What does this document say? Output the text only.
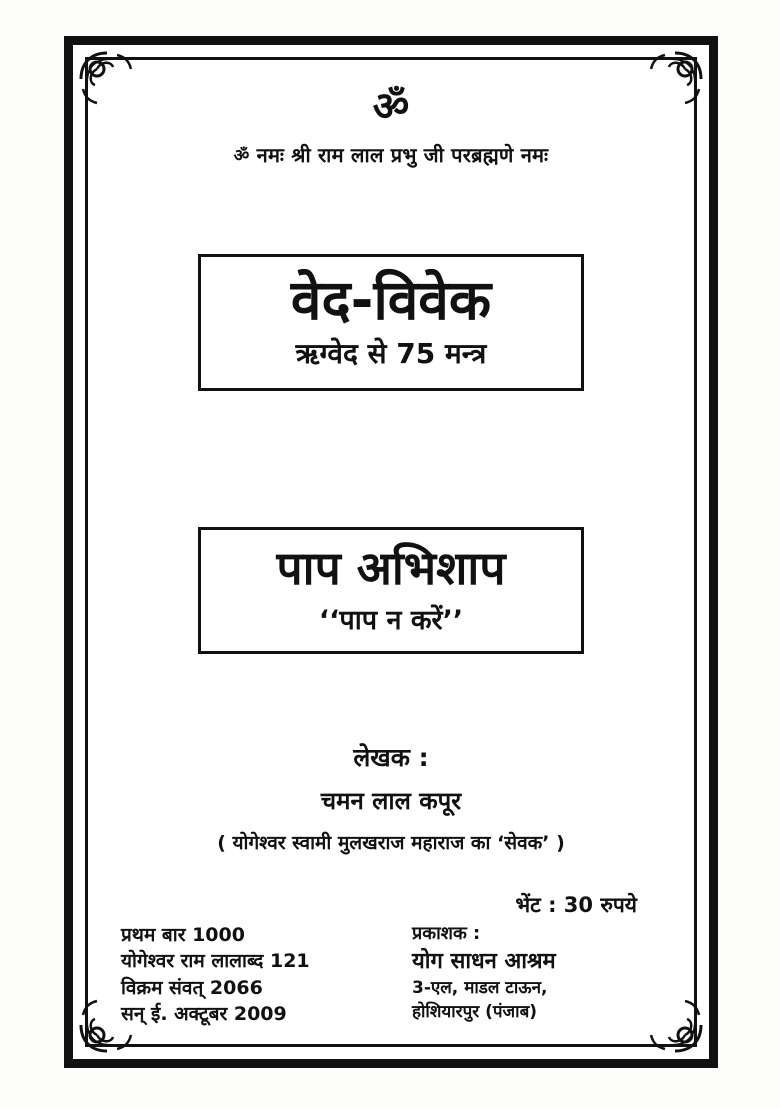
ॐ
ॐ नमः श्री राम लाल प्रभु जी परब्रह्मणे नमः
वेद-विवेक
ऋग्वेद से 75 मन्त्र
पाप अभिशाप
‘‘पाप न करें’’
लेखक :
चमन लाल कपूर
( योगेश्वर स्वामी मुलखराज महाराज का ‘सेवक’ )
भेंट : 30 रुपये
प्रथम बार 1000
योगेश्वर राम लालाब्द 121
विक्रम संवत् 2066
सन् ई. अक्टूबर 2009
प्रकाशक :
योग साधन आश्रम
3-एल, माडल टाऊन,
होशियारपुर (पंजाब)
